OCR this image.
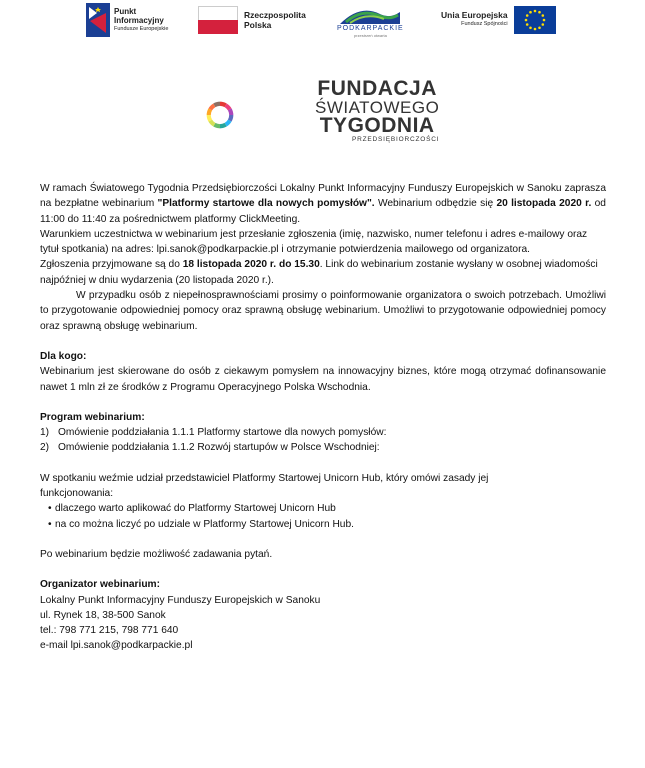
Punkt
Informacyjny
Fundusze Europejskie
Rzeczpospolita
Polska	PODKARPACKIE
przestrzeń otwarta
Unia Europejska
Fundusz Spójności
FUNDACJA
ŚWIATOWEGO
TYGODNIA
PRZEDSIĘBIORCZOŚCI

W ramach Światowego Tygodnia Przedsiębiorczości Lokalny Punkt Informacyjny Funduszy Europejskich w Sanoku zaprasza na bezpłatne webinarium "Platformy startowe dla nowych pomysłów". Webinarium odbędzie się 20 listopada 2020 r. od 11:00 do 11:40 za pośrednictwem platformy ClickMeeting.

Warunkiem uczestnictwa w webinarium jest przesłanie zgłoszenia (imię, nazwisko, numer telefonu i adres e-mailowy oraz tytuł spotkania) na adres: lpi.sanok@podkarpackie.pl i otrzymanie potwierdzenia mailowego od organizatora.

Zgłoszenia przyjmowane są do 18 listopada 2020 r. do 15.30. Link do webinarium zostanie wysłany w osobnej wiadomości najpóźniej w dniu wydarzenia (20 listopada 2020 r.).

W przypadku osób z niepełnosprawnościami prosimy o poinformowanie organizatora o swoich potrzebach. Umożliwi to przygotowanie odpowiedniej pomocy oraz sprawną obsługę webinarium. Umożliwi to przygotowanie odpowiedniej pomocy oraz sprawną obsługę webinarium.

Dla kogo:

Webinarium jest skierowane do osób z ciekawym pomysłem na innowacyjny biznes, które mogą otrzymać dofinansowanie nawet 1 mln zł ze środków z Programu Operacyjnego Polska Wschodnia.

Program webinarium:

1) Omówienie poddziałania 1.1.1 Platformy startowe dla nowych pomysłów:
2) Omówienie poddziałania 1.1.2 Rozwój startupów w Polsce Wschodniej:

W spotkaniu weźmie udział przedstawiciel Platformy Startowej Unicorn Hub, który omówi zasady jej funkcjonowania:

• dlaczego warto aplikować do Platformy Startowej Unicorn Hub
• na co można liczyć po udziale w Platformy Startowej Unicorn Hub.

Po webinarium będzie możliwość zadawania pytań.

Organizator webinarium:

Lokalny Punkt Informacyjny Funduszy Europejskich w Sanoku

ul. Rynek 18, 38-500 Sanok

tel.: 798 771 215, 798 771 640

e-mail lpi.sanok@podkarpackie.pl
